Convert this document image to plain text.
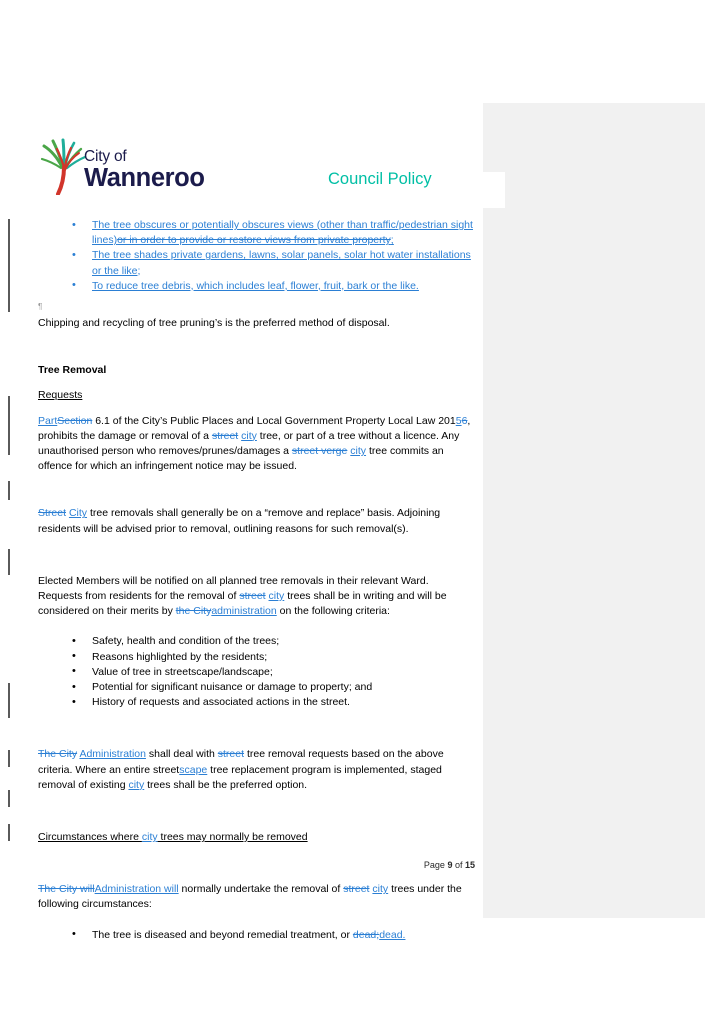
City of
Wanneroo	Council Policy
¶
• The tree obscures or potentially obscures views (other than traffic/pedestrian sight lines)or in order to provide or restore views from private property;
• The tree shades private gardens, lawns, solar panels, solar hot water installations or the like;
• To reduce tree debris, which includes leaf, flower, fruit, bark or the like.

Chipping and recycling of tree pruning’s is the preferred method of disposal.

Tree Removal

Requests

PartSection 6.1 of the City’s Public Places and Local Government Property Local Law 20156, prohibits the damage or removal of a street city tree, or part of a tree without a licence. Any unauthorised person who removes/prunes/damages a street verge city tree commits an offence for which an infringement notice may be issued.

Street City tree removals shall generally be on a “remove and replace” basis. Adjoining residents will be advised prior to removal, outlining reasons for such removal(s).

Elected Members will be notified on all planned tree removals in their relevant Ward. Requests from residents for the removal of street city trees shall be in writing and will be considered on their merits by the Cityadministration on the following criteria:

• Safety, health and condition of the trees;
• Reasons highlighted by the residents;
• Value of tree in streetscape/landscape;
• Potential for significant nuisance or damage to property; and
• History of requests and associated actions in the street.

The City Administration shall deal with street tree removal requests based on the above criteria. Where an entire streetscape tree replacement program is implemented, staged removal of existing city trees shall be the preferred option.

Circumstances where city trees may normally be removed

The City willAdministration will normally undertake the removal of street city trees under the following circumstances:

• The tree is diseased and beyond remedial treatment, or dead;dead.
Page 9 of 15
